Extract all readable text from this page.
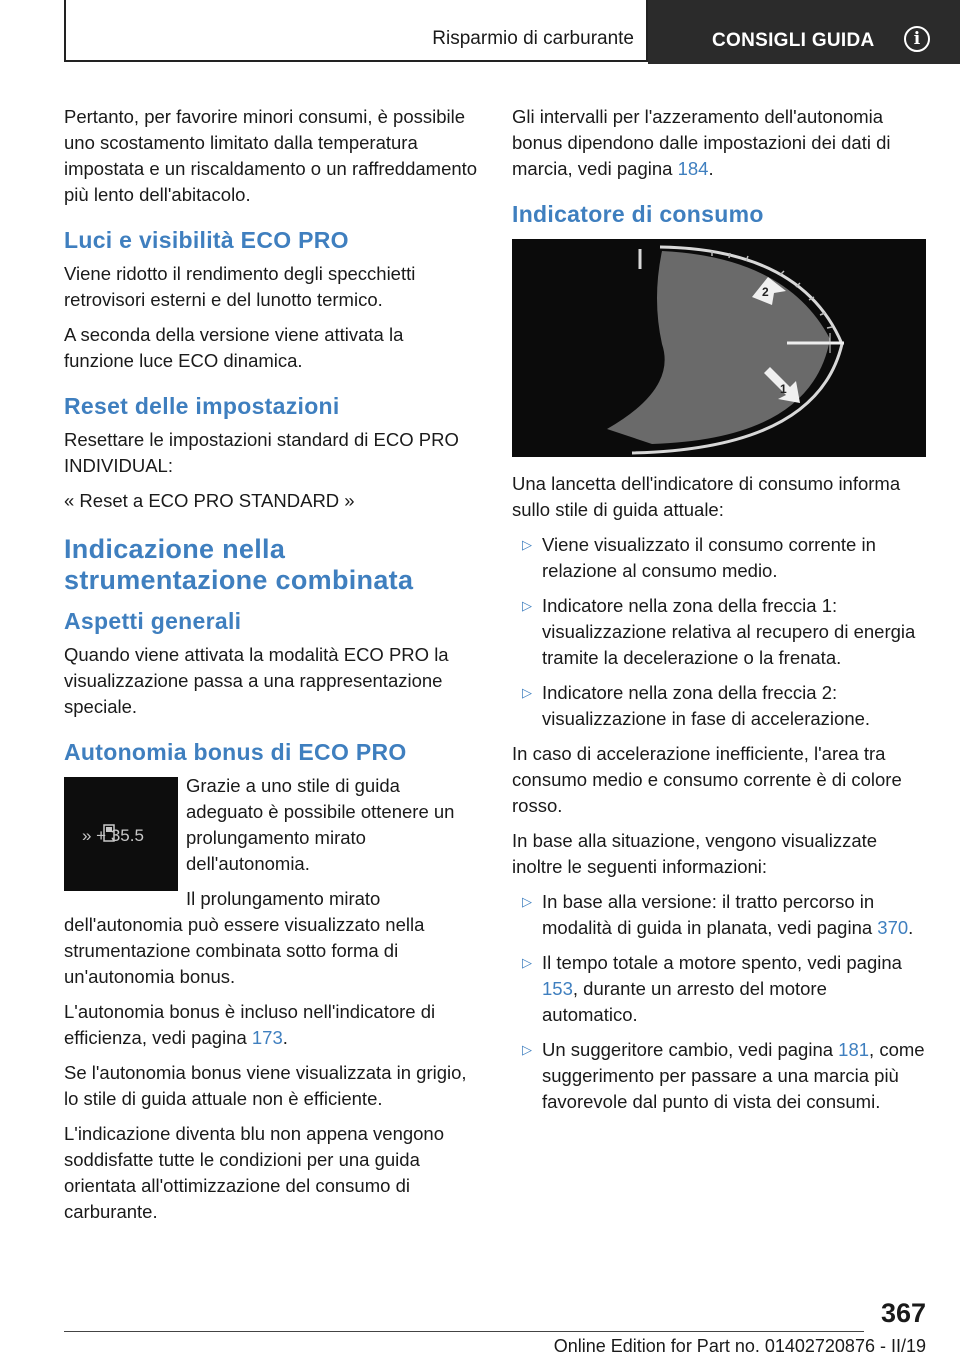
Risparmio di carburante	CONSIGLI GUIDA	i

Pertanto, per favorire minori consumi, è possibile uno scostamento limitato dalla temperatura impostata e un riscaldamento o un raffreddamento più lento dell'abitacolo.

Luci e visibilità ECO PRO

Viene ridotto il rendimento degli specchietti retrovisori esterni e del lunotto termico.

A seconda della versione viene attivata la funzione luce ECO dinamica.

Reset delle impostazioni

Resettare le impostazioni standard di ECO PRO INDIVIDUAL:

« Reset a ECO PRO STANDARD »

Indicazione nella strumentazione combinata
Aspetti generali

Quando viene attivata la modalità ECO PRO la visualizzazione passa a una rappresentazione speciale.

Autonomia bonus di ECO PRO
» + 35.5

Grazie a uno stile di guida adeguato è possibile ottenere un prolungamento mirato dell'autonomia.

Il prolungamento mirato dell'autonomia può essere visualizzato nella strumentazione combinata sotto forma di un'autonomia bonus.

L'autonomia bonus è incluso nell'indicatore di efficienza, vedi pagina 173.

Se l'autonomia bonus viene visualizzata in grigio, lo stile di guida attuale non è efficiente.

L'indicazione diventa blu non appena vengono soddisfatte tutte le condizioni per una guida orientata all'ottimizzazione del consumo di carburante.

Gli intervalli per l'azzeramento dell'autonomia bonus dipendono dalle impostazioni dei dati di marcia, vedi pagina 184.

Indicatore di consumo
2
1

Una lancetta dell'indicatore di consumo informa sullo stile di guida attuale:

▷ Viene visualizzato il consumo corrente in relazione al consumo medio.
▷ Indicatore nella zona della freccia 1: visualizzazione relativa al recupero di energia tramite la decelerazione o la frenata.
▷ Indicatore nella zona della freccia 2: visualizzazione in fase di accelerazione.

In caso di accelerazione inefficiente, l'area tra consumo medio e consumo corrente è di colore rosso.

In base alla situazione, vengono visualizzate inoltre le seguenti informazioni:

▷ In base alla versione: il tratto percorso in modalità di guida in planata, vedi pagina 370.
▷ Il tempo totale a motore spento, vedi pagina 153, durante un arresto del motore automatico.
▷ Un suggeritore cambio, vedi pagina 181, come suggerimento per passare a una marcia più favorevole dal punto di vista dei consumi.
367
Online Edition for Part no. 01402720876 - II/19
